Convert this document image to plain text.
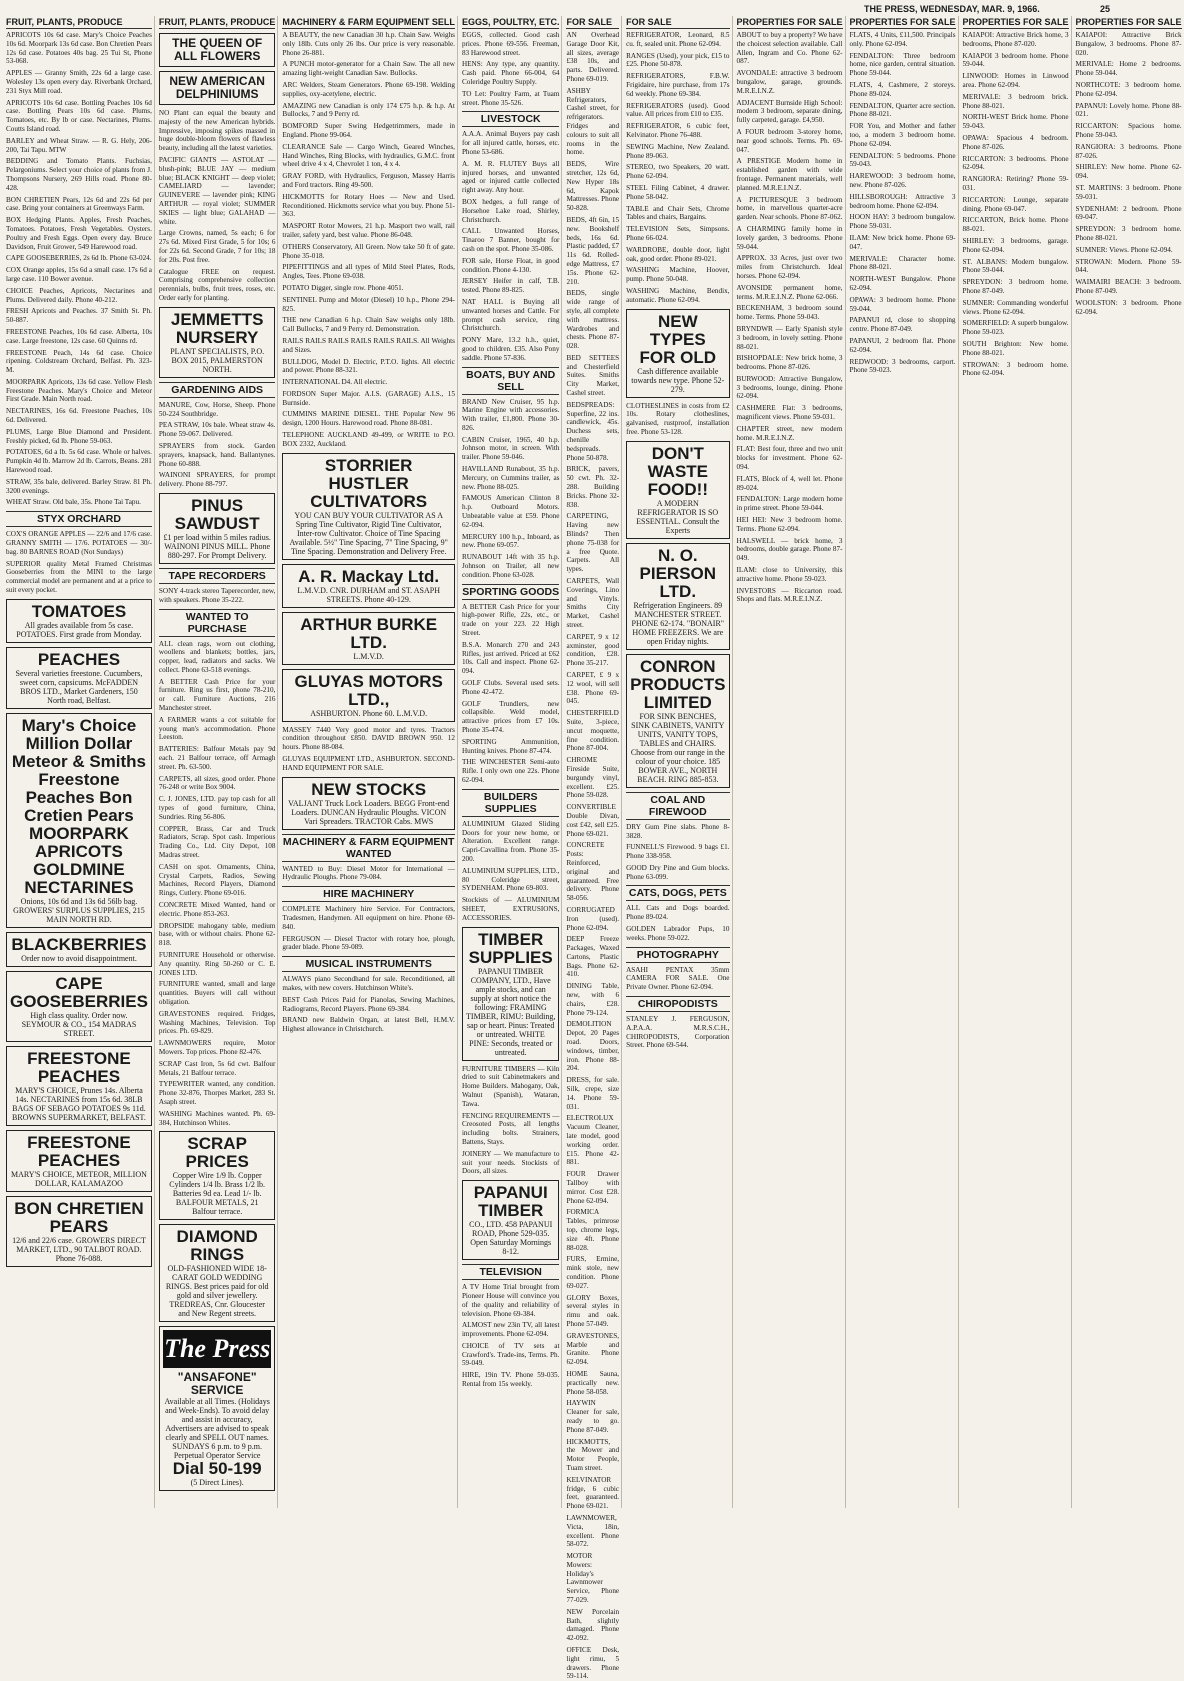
THE PRESS, WEDNESDAY, MAR. 9, 1966.	25
FRUIT, PLANTS, PRODUCE

APRICOTS 10s 6d case. Mary's Choice Peaches 10s 6d. Moorpark 13s 6d case. Bon Chretien Pears 12s 6d case. Potatoes 40s bag. 25 Tui St, Phone 53-068.

APPLES — Granny Smith, 22s 6d a large case. Wolesley 13s open every day. Riverbank Orchard, 231 Styx Mill road.

APRICOTS 10s 6d case. Bottling Peaches 10s 6d case. Bottling Pears 10s 6d case. Plums, Tomatoes, etc. By lb or case. Nectarines, Plums. Coutts Island road.

BARLEY and Wheat Straw. — R. G. Hely, 206-200, Tai Tapu. MTW

BEDDING and Tomato Plants. Fuchsias, Pelargoniums. Select your choice of plants from J. Thompsons Nursery, 269 Hills road. Phone 80-428.

BON CHRETIEN Pears, 12s 6d and 22s 6d per case. Bring your containers at Greenways Farm.

BOX Hedging Plants. Apples, Fresh Peaches, Tomatoes. Potatoes, Fresh Vegetables. Oysters. Poultry and Fresh Eggs. Open every day. Bruce Davidson, Fruit Grower, 549 Harewood road.

CAPE GOOSEBERRIES, 2s 6d lb. Phone 63-024.

COX Orange apples, 15s 6d a small case. 17s 6d a large case. 110 Bower avenue.

CHOICE Peaches, Apricots, Nectarines and Plums. Delivered daily. Phone 40-212.

FRESH Apricots and Peaches. 37 Smith St. Ph. 50-887.

FREESTONE Peaches, 10s 6d case. Alberta, 10s case. Large freestone, 12s case. 60 Quinns rd.

FREESTONE Peach, 14s 6d case. Choice ripening. Coldstream Orchard, Belfast. Ph. 323-M.

MOORPARK Apricots, 13s 6d case. Yellow Flesh Freestone Peaches. Mary's Choice and Meteor First Grade. Main North road.

NECTARINES, 16s 6d. Freestone Peaches, 10s 6d. Delivered.

PLUMS, Large Blue Diamond and President. Freshly picked, 6d lb. Phone 59-063.

POTATOES, 6d a lb. 5s 6d case. Whole or halves. Pumpkin 4d lb. Marrow 2d lb. Carrots, Beans. 281 Harewood road.

STRAW, 35s bale, delivered. Barley Straw. 81 Ph. 3200 evenings.

WHEAT Straw. Old bale, 35s. Phone Tai Tapu.

STYX ORCHARD

COX'S ORANGE APPLES — 22/6 and 17/6 case. GRANNY SMITH — 17/6. POTATOES — 30/- bag. 80 BARNES ROAD (Not Sundays)

SUPERIOR quality Metal Framed Christmas Gooseberries from the MINI to the large commercial model are permanent and at a price to suit every pocket.

TOMATOES
All grades available from 5s case. POTATOES. First grade from Monday.
PEACHES
Several varieties freestone. Cucumbers, sweet corn, capsicums. McFADDEN BROS LTD., Market Gardeners, 150 North road, Belfast.
Mary's Choice Million Dollar Meteor & Smiths Freestone Peaches Bon Cretien Pears MOORPARK APRICOTS GOLDMINE NECTARINES
Onions, 10s 6d and 13s 6d 56lb bag. GROWERS' SURPLUS SUPPLIES, 215 MAIN NORTH RD.
BLACKBERRIES
Order now to avoid disappointment.
CAPE GOOSEBERRIES
High class quality. Order now. SEYMOUR & CO., 154 MADRAS STREET.
FREESTONE PEACHES
MARY'S CHOICE, Prunes 14s. Alberta 14s. NECTARINES from 15s 6d. 38LB BAGS OF SEBAGO POTATOES 9s 11d. BROWNS SUPERMARKET, BELFAST.
FREESTONE PEACHES
MARY'S CHOICE, METEOR, MILLION DOLLAR, KALAMAZOO
BON CHRETIEN PEARS
12/6 and 22/6 case. GROWERS DIRECT MARKET, LTD., 90 TALBOT ROAD. Phone 76-088.
FRUIT, PLANTS, PRODUCE
THE QUEEN OF ALL FLOWERS
NEW AMERICAN DELPHINIUMS

NO Plant can equal the beauty and majesty of the new American hybrids. Impressive, imposing spikes massed in huge double-bloom flowers of flawless beauty, including all the latest varieties.

PACIFIC GIANTS — ASTOLAT — blush-pink; BLUE JAY — medium blue; BLACK KNIGHT — deep violet; CAMELIARD — lavender; GUINEVERE — lavender pink; KING ARTHUR — royal violet; SUMMER SKIES — light blue; GALAHAD — white.

Large Crowns, named, 5s each; 6 for 27s 6d. Mixed First Grade, 5 for 10s; 6 for 22s 6d. Second Grade, 7 for 10s; 18 for 20s. Post free.

Catalogue FREE on request. Comprising comprehensive collection perennials, bulbs, fruit trees, roses, etc. Order early for planting.

JEMMETTS NURSERY
PLANT SPECIALISTS, P.O. BOX 2015, PALMERSTON NORTH.
GARDENING AIDS

MANURE, Cow, Horse, Sheep. Phone 50-224 Southbridge.

PEA STRAW, 10s bale. Wheat straw 4s. Phone 59-067. Delivered.

SPRAYERS from stock. Garden sprayers, knapsack, hand. Ballantynes. Phone 60-888.

WAINONI SPRAYERS, for prompt delivery. Phone 88-797.

PINUS SAWDUST
£1 per load within 5 miles radius. WAINONI PINUS MILL. Phone 880-297. For Prompt Delivery.
TAPE RECORDERS

SONY 4-track stereo Taperecorder, new, with speakers. Phone 35-222.

WANTED TO PURCHASE

ALL clean rags, worn out clothing, woollens and blankets; bottles, jars, copper, lead, radiators and sacks. We collect. Phone 63-518 evenings.

A BETTER Cash Price for your furniture. Ring us first, phone 78-210, or call. Furniture Auctions, 216 Manchester street.

A FARMER wants a cot suitable for young man's accommodation. Phone Leeston.

BATTERIES: Balfour Metals pay 9d each. 21 Balfour terrace, off Armagh street. Ph. 63-500.

CARPETS, all sizes, good order. Phone 76-248 or write Box 9004.

C. J. JONES, LTD. pay top cash for all types of good furniture, China, Sundries. Ring 56-806.

COPPER, Brass, Car and Truck Radiators, Scrap. Spot cash. Imperious Trading Co., Ltd. City Depot, 108 Madras street.

CASH on spot. Ornaments, China, Crystal Carpets, Radios, Sewing Machines, Record Players, Diamond Rings, Cutlery. Phone 69-016.

CONCRETE Mixed Wanted, hand or electric. Phone 853-263.

DROPSIDE mahogany table, medium base, with or without chairs. Phone 62-818.

FURNITURE Household or otherwise. Any quantity. Ring 50-260 or C. E. JONES LTD.

FURNITURE wanted, small and large quantities. Buyers will call without obligation.

GRAVESTONES required. Fridges, Washing Machines, Television. Top prices. Ph. 69-829.

LAWNMOWERS require, Motor Mowers. Top prices. Phone 82-476.

SCRAP Cast Iron, 5s 6d cwt. Balfour Metals, 21 Balfour terrace.

TYPEWRITER wanted, any condition. Phone 32-876, Thorpes Market, 283 St. Asaph street.

WASHING Machines wanted. Ph. 69-384, Hutchinson Whites.

SCRAP PRICES
Copper Wire 1/9 lb. Copper Cylinders 1/4 lb. Brass 1/2 lb. Batteries 9d ea. Lead 1/- lb. BALFOUR METALS, 21 Balfour terrace.
DIAMOND RINGS
OLD-FASHIONED WIDE 18-CARAT GOLD WEDDING RINGS. Best prices paid for old gold and silver jewellery. TREDREAS, Cnr. Gloucester and New Regent streets.
The Press
"ANSAFONE" SERVICE
Available at all Times. (Holidays and Week-Ends). To avoid delay and assist in accuracy, Advertisers are advised to speak clearly and SPELL OUT names. SUNDAYS 6 p.m. to 9 p.m. Perpetual Operator Service
Dial 50-199
(5 Direct Lines).
MACHINERY & FARM EQUIPMENT SELL

A BEAUTY, the new Canadian 30 h.p. Chain Saw. Weighs only 18lb. Cuts only 26 lbs. Our price is very reasonable. Phone 26-881.

A PUNCH motor-generator for a Chain Saw. The all new amazing light-weight Canadian Saw. Bullocks.

ARC Welders, Steam Generators. Phone 69-198. Welding supplies, oxy-acetylene, electric.

AMAZING new Canadian is only 174 £75 h.p. & h.p. At Bullocks, 7 and 9 Perry rd.

BOMFORD Super Swing Hedgetrimmers, made in England. Phone 99-064.

CLEARANCE Sale — Cargo Winch, Geared Winches, Hand Winches, Ring Blocks, with hydraulics, G.M.C. front wheel drive 4 x 4, Chevrolet 1 ton, 4 x 4.

GRAY FORD, with Hydraulics, Ferguson, Massey Harris and Ford tractors. Ring 49-500.

HICKMOTTS for Rotary Hoes — New and Used. Reconditioned. Hickmotts service what you buy. Phone 51-363.

MASPORT Rotor Mowers, 21 h.p. Masport two wall, rail trailer, safety yard, best value. Phone 86-048.

OTHERS Conservatory, All Green. Now take 50 ft of gate. Phone 35-018.

PIPEFITTINGS and all types of Mild Steel Plates, Rods, Angles, Tees. Phone 69-038.

POTATO Digger, single row. Phone 4051.

SENTINEL Pump and Motor (Diesel) 10 h.p., Phone 294-825.

THE new Canadian 6 h.p. Chain Saw weighs only 18lb. Call Bullocks, 7 and 9 Perry rd. Demonstration.

RAILS RAILS RAILS RAILS RAILS RAILS. All Weights and Sizes.

BULLDOG, Model D. Electric, P.T.O. lights. All electric and power. Phone 88-321.

INTERNATIONAL D4. All electric.

FORDSON Super Major. A.I.S. (GARAGE) A.I.S., 15 Burnside.

CUMMINS MARINE DIESEL. THE Popular New 96 design, 1200 Hours. Harewood road. Phone 88-081.

TELEPHONE AUCKLAND 49-499, or WRITE to P.O. BOX 2332, Auckland.

STORRIER HUSTLER CULTIVATORS
YOU CAN BUY YOUR CULTIVATOR AS A Spring Tine Cultivator, Rigid Tine Cultivator, Inter-row Cultivator. Choice of Tine Spacing Available. 5½" Tine Spacing, 7" Tine Spacing, 9" Tine Spacing. Demonstration and Delivery Free.
A. R. Mackay Ltd.
L.M.V.D. CNR. DURHAM and ST. ASAPH STREETS. Phone 40-129.
ARTHUR BURKE LTD.
L.M.V.D.
GLUYAS MOTORS LTD.,
ASHBURTON. Phone 60. L.M.V.D.

MASSEY 7440 Very good motor and tyres. Tractors condition throughout £850. DAVID BROWN 950. 12 hours. Phone 88-084.

GLUYAS EQUIPMENT LTD., ASHBURTON. SECOND-HAND EQUIPMENT FOR SALE.

NEW STOCKS
VALJANT Truck Lock Loaders. BEGG Front-end Loaders. DUNCAN Hydraulic Ploughs. VICON Vari Spreaders. TRACTOR Cabs. MWS
MACHINERY & FARM EQUIPMENT WANTED

WANTED to Buy: Diesel Motor for International — Hydraulic Ploughs. Phone 79-084.

HIRE MACHINERY

COMPLETE Machinery hire Service. For Contractors, Tradesmen, Handymen. All equipment on hire. Phone 69-840.

FERGUSON — Diesel Tractor with rotary hoe, plough, grader blade. Phone 59-089.

MUSICAL INSTRUMENTS

ALWAYS piano Secondhand for sale. Reconditioned, all makes, with new covers. Hutchinson White's.

BEST Cash Prices Paid for Pianolas, Sewing Machines, Radiograms, Record Players. Phone 69-384.

BRAND new Baldwin Organ, at latest Bell, H.M.V. Highest allowance in Christchurch.

EGGS, POULTRY, ETC.

EGGS, collected. Good cash prices. Phone 69-556. Freeman, 83 Harewood street.

HENS: Any type, any quantity. Cash paid. Phone 66-004, 64 Coleridge Poultry Supply.

TO Let: Poultry Farm, at Tuam street. Phone 35-526.

LIVESTOCK

A.A.A. Animal Buyers pay cash for all injured cattle, horses, etc. Phone 53-686.

A. M. R. FLUTEY Buys all injured horses, and unwanted aged or injured cattle collected right away. Any hour.

BOX hedges, a full range of Horsehoe Lake road, Shirley, Christchurch.

CALL Unwanted Horses, Tinaroo 7 Banner, bought for cash on the spot. Phone 35-086.

FOR sale, Horse Float, in good condition. Phone 4-130.

JERSEY Heifer in calf, T.B. tested. Phone 89-825.

NAT HALL is Buying all unwanted horses and Cattle. For prompt cash service, ring Christchurch.

PONY Mare, 13.2 h.h., quiet, good to children. £35. Also Pony saddle. Phone 57-836.

BOATS, BUY AND SELL

BRAND New Cruiser, 95 h.p. Marine Engine with accessories. With trailer, £1,800. Phone 30-826.

CABIN Cruiser, 1965, 40 h.p. Johnson motor, in screen. With trailer. Phone 59-046.

HAVILLAND Runabout, 35 h.p. Mercury, on Cummins trailer, as new. Phone 88-025.

FAMOUS American Clinton 8 h.p. Outboard Motors. Unbeatable value at £59. Phone 62-094.

MERCURY 100 h.p., Inboard, as new. Phone 69-057.

RUNABOUT 14ft with 35 h.p. Johnson on Trailer, all new condition. Phone 63-028.

SPORTING GOODS

A BETTER Cash Price for your high-power Rifle, 22s, etc., or trade on your 223. 22 High Street.

B.S.A. Monarch 270 and 243 Rifles, just arrived. Priced at £62 10s. Call and inspect. Phone 62-094.

GOLF Clubs. Several used sets. Phone 42-472.

GOLF Trundlers, new collapsible. Weld model, attractive prices from £7 10s. Phone 35-474.

SPORTING Ammunition, Hunting knives. Phone 87-474.

THE WINCHESTER Semi-auto Rifle. I only own one 22s. Phone 62-094.

BUILDERS SUPPLIES

ALUMINIUM Glazed Sliding Doors for your new home, or Alteration. Excellent range. Capri-Cavallina from. Phone 35-200.

ALUMINIUM SUPPLIES, LTD., 80 Coleridge street, SYDENHAM. Phone 69-803.

Stockists of — ALUMINIUM SHEET, EXTRUSIONS, ACCESSORIES.

TIMBER SUPPLIES
PAPANUI TIMBER COMPANY, LTD., Have ample stocks, and can supply at short notice the following: FRAMING TIMBER, RIMU: Building, sap or heart. Pinus: Treated or untreated. WHITE PINE: Seconds, treated or untreated.

FURNITURE TIMBERS — Kiln dried to suit Cabinetmakers and Home Builders. Mahogany, Oak, Walnut (Spanish), Wataran, Tawa.

FENCING REQUIREMENTS — Creosoted Posts, all lengths including bolts. Strainers, Battens, Stays.

JOINERY — We manufacture to suit your needs. Stockists of Doors, all sizes.

PAPANUI TIMBER
CO., LTD. 458 PAPANUI ROAD, Phone 529-035. Open Saturday Mornings 8-12.
TELEVISION

A TV Home Trial brought from Pioneer House will convince you of the quality and reliability of television. Phone 69-384.

ALMOST new 23in TV, all latest improvements. Phone 62-094.

CHOICE of TV sets at Crawford's. Trade-ins, Terms. Ph. 59-049.

HIRE, 19in TV. Phone 59-035. Rental from 15s weekly.

FOR SALE

AN Overhead Garage Door Kit, all sizes, average £38 10s, and parts. Delivered. Phone 69-019.

ASHBY Refrigerators, Cashel street, for refrigerators. Fridges and colours to suit all rooms in the home.

BEDS, Wire stretcher, 12s 6d, New Hyper 18s 6d, Kapok Mattresses. Phone 50-828.

BEDS, 4ft 6in, 15 new. Bookshelf beds, 16s 6d. Plastic padded, £7 11s 6d. Rolled-edge Mattress, £7 15s. Phone 62-210.

BEDS, single wide range of style, all complete with mattress. Wardrobes and chests. Phone 87-028.

BED SETTEES and Chesterfield Suites. Smiths City Market, Cashel street.

BEDSPREADS: Superfine, 22 ins. candlewick, 45s. Duchess sets, chenille bedspreads. Phone 50-878.

BRICK, pavers, 50 cwt. Ph. 32-288. Building Bricks. Phone 32-838.

CARPETING, Having new Blinds? Then phone 75-038 for a free Quote. Carpets. All types.

CARPETS, Wall Coverings, Lino and Vinyls. Smiths City Market, Cashel street.

CARPET, 9 x 12 axminster, good condition, £28. Phone 35-217.

CARPET, £ 9 x 12 wool, will sell £38. Phone 69-045.

CHESTERFIELD Suite, 3-piece, uncut moquette, fine condition. Phone 87-004.

CHROME Fireside Suite, burgundy vinyl, excellent. £25. Phone 59-028.

CONVERTIBLE Double Divan, cost £42, sell £25. Phone 69-021.

CONCRETE Posts: Reinforced, original and guaranteed. Free delivery. Phone 58-056.

CORRUGATED Iron (used). Phone 62-094.

DEEP Freeze Packages, Waxed Cartons, Plastic Bags. Phone 62-410.

DINING Table, new, with 6 chairs, £28. Phone 79-124.

DEMOLITION Depot, 20 Pages road. Doors, windows, timber, iron. Phone 88-204.

DRESS, for sale. Silk, crepe, size 14. Phone 59-031.

ELECTROLUX Vacuum Cleaner, late model, good working order. £15. Phone 42-881.

FOUR Drawer Tallboy with mirror. Cost £28. Phone 62-094.

FORMICA Tables, primrose top, chrome legs, size 4ft. Phone 88-028.

FURS, Ermine, mink stole, new condition. Phone 69-027.

GLORY Boxes, several styles in rimu and oak. Phone 57-049.

GRAVESTONES, Marble and Granite. Phone 62-094.

HOME Sauna, practically new. Phone 58-058.

HAYWIN Cleaner for sale, ready to go. Phone 87-049.

HICKMOTTS, the Mower and Motor People, Tuam street.

KELVINATOR fridge, 6 cubic feet, guaranteed. Phone 69-021.

LAWNMOWER, Victa, 18in, excellent. Phone 58-072.

MOTOR Mowers: Holiday's Lawnmower Service, Phone 77-029.

NEW Porcelain Bath, slightly damaged. Phone 42-092.

OFFICE Desk, light rimu, 5 drawers. Phone 59-114.

FOR SALE

REFRIGERATOR, Leonard, 8.5 cu. ft, sealed unit. Phone 62-094.

RANGES (Used), your pick, £15 to £25. Phone 50-878.

REFRIGERATORS, F.B.W. Frigidaire, hire purchase, from 17s 6d weekly. Phone 69-384.

REFRIGERATORS (used). Good value. All prices from £10 to £35.

REFRIGERATOR, 6 cubic feet, Kelvinator. Phone 76-488.

SEWING Machine, New Zealand. Phone 89-063.

STEREO, two Speakers, 20 watt. Phone 62-094.

STEEL Filing Cabinet, 4 drawer. Phone 58-042.

TABLE and Chair Sets, Chrome Tables and chairs, Bargains.

TELEVISION Sets, Simpsons. Phone 66-024.

WARDROBE, double door, light oak, good order. Phone 89-021.

WASHING Machine, Hoover, pump. Phone 50-048.

WASHING Machine, Bendix, automatic. Phone 62-094.

NEW TYPES FOR OLD
Cash difference available towards new type. Phone 52-279.

CLOTHESLINES in costs from £2 10s. Rotary clotheslines, galvanised, rustproof, installation free. Phone 53-128.

DON'T WASTE FOOD!!
A MODERN REFRIGERATOR IS SO ESSENTIAL. Consult the Experts
N. O. PIERSON LTD.
Refrigeration Engineers. 89 MANCHESTER STREET. PHONE 62-174. "BONAIR" HOME FREEZERS. We are open Friday nights.
CONRON PRODUCTS LIMITED
FOR SINK BENCHES, SINK CABINETS, VANITY UNITS, VANITY TOPS, TABLES and CHAIRS. Choose from our range in the colour of your choice. 185 BOWER AVE., NORTH BEACH. RING 885-853.
COAL AND FIREWOOD

DRY Gum Pine slabs. Phone 8-3828.

FUNNELL'S Firewood. 9 bags £1. Phone 338-958.

GOOD Dry Pine and Gum blocks. Phone 63-099.

CATS, DOGS, PETS

ALL Cats and Dogs boarded. Phone 89-024.

GOLDEN Labrador Pups, 10 weeks. Phone 59-022.

PHOTOGRAPHY

ASAHI PENTAX 35mm CAMERA FOR SALE. One Private Owner. Phone 62-094.

CHIROPODISTS

STANLEY J. FERGUSON, A.P.A.A. M.R.S.C.H., CHIROPODISTS, Corporation Street. Phone 69-544.

PROPERTIES FOR SALE

ABOUT to buy a property? We have the choicest selection available. Call Allen, Ingram and Co. Phone 62-087.

AVONDALE: attractive 3 bedroom bungalow, garage, grounds. M.R.E.I.N.Z.

ADJACENT Burnside High School: modern 3 bedroom, separate dining, fully carpeted, garage. £4,950.

A FOUR bedroom 3-storey home, near good schools. Terms. Ph. 69-047.

A PRESTIGE Modern home in established garden with wide frontage. Permanent materials, well planned. M.R.E.I.N.Z.

A PICTURESQUE 3 bedroom home, in marvellous quarter-acre garden. Near schools. Phone 87-062.

A CHARMING family home in lovely garden, 3 bedrooms. Phone 59-044.

APPROX. 33 Acres, just over two miles from Christchurch. Ideal horses. Phone 62-094.

AVONSIDE permanent home, terms. M.R.E.I.N.Z. Phone 62-066.

BECKENHAM, 3 bedroom sound home. Terms. Phone 59-043.

BRYNDWR — Early Spanish style 3 bedroom, in lovely setting. Phone 88-021.

BISHOPDALE: New brick home, 3 bedrooms. Phone 87-026.

BURWOOD: Attractive Bungalow, 3 bedrooms, lounge, dining. Phone 62-094.

CASHMERE Flat: 3 bedrooms, magnificent views. Phone 59-031.

CHAPTER street, new modern home. M.R.E.I.N.Z.

FLAT: Best four, three and two unit blocks for investment. Phone 62-094.

FLATS, Block of 4, well let. Phone 89-024.

FENDALTON: Large modern home in prime street. Phone 59-044.

HEI HEI: New 3 bedroom home. Terms. Phone 62-094.

HALSWELL — brick home, 3 bedrooms, double garage. Phone 87-049.

ILAM: close to University, this attractive home. Phone 59-023.

INVESTORS — Riccarton road. Shops and flats. M.R.E.I.N.Z.

PROPERTIES FOR SALE

FLATS, 4 Units, £11,500. Principals only. Phone 62-094.

FENDALTON: Three bedroom home, nice garden, central situation. Phone 59-044.

FLATS, 4, Cashmere, 2 storeys. Phone 89-024.

FENDALTON, Quarter acre section. Phone 88-021.

FOR You, and Mother and father too, a modern 3 bedroom home. Phone 62-094.

FENDALTON: 5 bedrooms. Phone 59-043.

HAREWOOD: 3 bedroom home, new. Phone 87-026.

HILLSBOROUGH: Attractive 3 bedroom home. Phone 62-094.

HOON HAY: 3 bedroom bungalow. Phone 59-031.

ILAM: New brick home. Phone 69-047.

MERIVALE: Character home. Phone 88-021.

NORTH-WEST Bungalow. Phone 62-094.

OPAWA: 3 bedroom home. Phone 59-044.

PAPANUI rd, close to shopping centre. Phone 87-049.

PAPANUI, 2 bedroom flat. Phone 62-094.

REDWOOD: 3 bedrooms, carport. Phone 59-023.

PROPERTIES FOR SALE

KAIAPOI: Attractive Brick home, 3 bedrooms, Phone 87-020.

KAIAPOI 3 bedroom home. Phone 59-044.

LINWOOD: Homes in Linwood area. Phone 62-094.

MERIVALE: 3 bedroom brick. Phone 88-021.

NORTH-WEST Brick home. Phone 59-043.

OPAWA: Spacious 4 bedroom. Phone 87-026.

RICCARTON: 3 bedrooms. Phone 62-094.

RANGIORA: Retiring? Phone 59-031.

RICCARTON: Lounge, separate dining. Phone 69-047.

RICCARTON, Brick home. Phone 88-021.

SHIRLEY: 3 bedrooms, garage. Phone 62-094.

ST. ALBANS: Modern bungalow. Phone 59-044.

SPREYDON: 3 bedroom home. Phone 87-049.

SUMNER: Commanding wonderful views. Phone 62-094.

SOMERFIELD: A superb bungalow. Phone 59-023.

SOUTH Brighton: New home. Phone 88-021.

STROWAN: 3 bedroom home. Phone 62-094.

PROPERTIES FOR SALE

KAIAPOI: Attractive Brick Bungalow, 3 bedrooms. Phone 87-020.

MERIVALE: Home 2 bedrooms. Phone 59-044.

NORTHCOTE: 3 bedroom home. Phone 62-094.

PAPANUI: Lovely home. Phone 88-021.

RICCARTON: Spacious home. Phone 59-043.

RANGIORA: 3 bedrooms. Phone 87-026.

SHIRLEY: New home. Phone 62-094.

ST. MARTINS: 3 bedroom. Phone 59-031.

SYDENHAM: 2 bedroom. Phone 69-047.

SPREYDON: 3 bedroom home. Phone 88-021.

SUMNER: Views. Phone 62-094.

STROWAN: Modern. Phone 59-044.

WAIMAIRI BEACH: 3 bedroom. Phone 87-049.

WOOLSTON: 3 bedroom. Phone 62-094.
